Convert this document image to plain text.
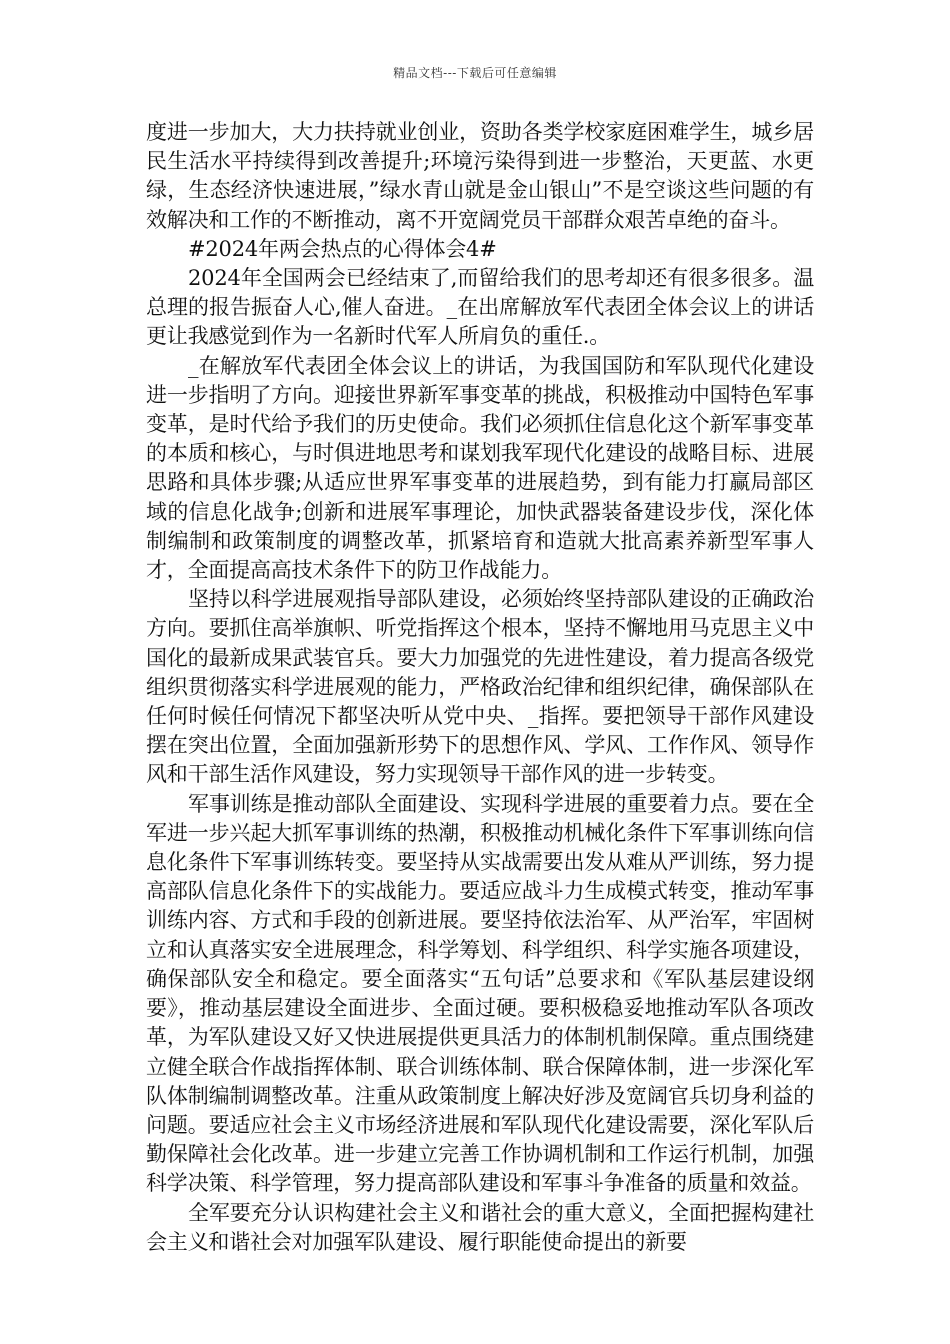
精品文档---下载后可任意编辑

度进一步加大，大力扶持就业创业，资助各类学校家庭困难学生，城乡居民生活水平持续得到改善提升;环境污染得到进一步整治，天更蓝、水更绿，生态经济快速进展，”绿水青山就是金山银山”不是空谈这些问题的有效解决和工作的不断推动，离不开宽阔党员干部群众艰苦卓绝的奋斗。

#2024年两会热点的心得体会4#

2024年全国两会已经结束了,而留给我们的思考却还有很多很多。温总理的报告振奋人心,催人奋进。_在出席解放军代表团全体会议上的讲话更让我感觉到作为一名新时代军人所肩负的重任.。

_在解放军代表团全体会议上的讲话，为我国国防和军队现代化建设进一步指明了方向。迎接世界新军事变革的挑战，积极推动中国特色军事变革，是时代给予我们的历史使命。我们必须抓住信息化这个新军事变革的本质和核心，与时俱进地思考和谋划我军现代化建设的战略目标、进展思路和具体步骤;从适应世界军事变革的进展趋势，到有能力打赢局部区域的信息化战争;创新和进展军事理论，加快武器装备建设步伐，深化体制编制和政策制度的调整改革，抓紧培育和造就大批高素养新型军事人才，全面提高高技术条件下的防卫作战能力。

坚持以科学进展观指导部队建设，必须始终坚持部队建设的正确政治方向。要抓住高举旗帜、听党指挥这个根本，坚持不懈地用马克思主义中国化的最新成果武装官兵。要大力加强党的先进性建设，着力提高各级党组织贯彻落实科学进展观的能力，严格政治纪律和组织纪律，确保部队在任何时候任何情况下都坚决听从党中央、_指挥。要把领导干部作风建设摆在突出位置，全面加强新形势下的思想作风、学风、工作作风、领导作风和干部生活作风建设，努力实现领导干部作风的进一步转变。

军事训练是推动部队全面建设、实现科学进展的重要着力点。要在全军进一步兴起大抓军事训练的热潮，积极推动机械化条件下军事训练向信息化条件下军事训练转变。要坚持从实战需要出发从难从严训练，努力提高部队信息化条件下的实战能力。要适应战斗力生成模式转变，推动军事训练内容、方式和手段的创新进展。要坚持依法治军、从严治军，牢固树立和认真落实安全进展理念，科学筹划、科学组织、科学实施各项建设，确保部队安全和稳定。要全面落实“五句话”总要求和《军队基层建设纲要》，推动基层建设全面进步、全面过硬。要积极稳妥地推动军队各项改革，为军队建设又好又快进展提供更具活力的体制机制保障。重点围绕建立健全联合作战指挥体制、联合训练体制、联合保障体制，进一步深化军队体制编制调整改革。注重从政策制度上解决好涉及宽阔官兵切身利益的问题。要适应社会主义市场经济进展和军队现代化建设需要，深化军队后勤保障社会化改革。进一步建立完善工作协调机制和工作运行机制，加强科学决策、科学管理，努力提高部队建设和军事斗争准备的质量和效益。

全军要充分认识构建社会主义和谐社会的重大意义，全面把握构建社会主义和谐社会对加强军队建设、履行职能使命提出的新要
